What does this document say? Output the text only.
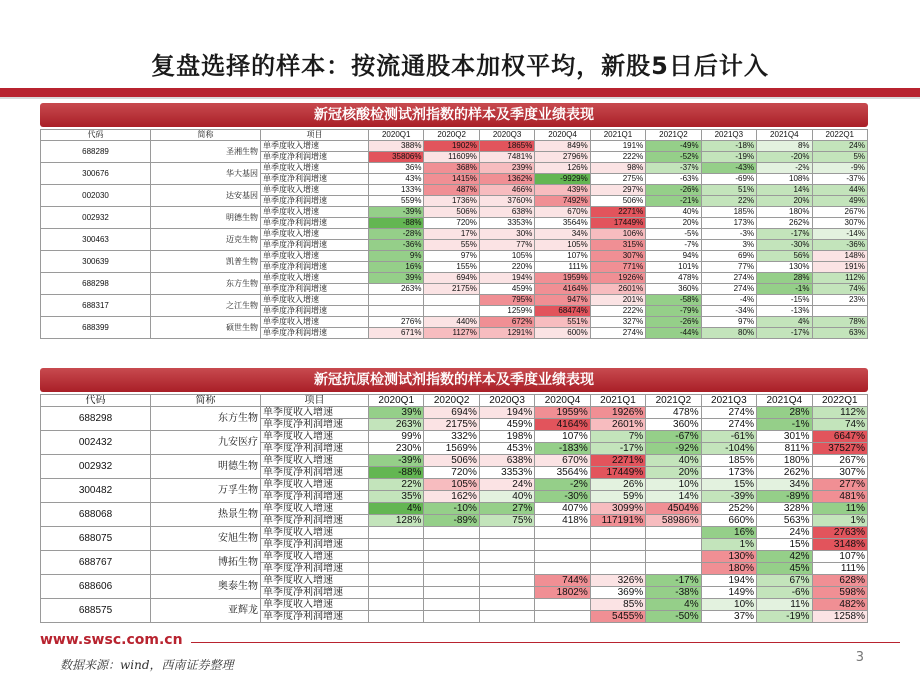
复盘选择的样本：按流通股本加权平均，新股5日后计入
新冠核酸检测试剂指数的样本及季度业绩表现
代码	简称	项目	2020Q1	2020Q2	2020Q3	2020Q4	2021Q1	2021Q2	2021Q3	2021Q4	2022Q1
688289	圣湘生物	单季度收入增速	388%	1902%	1865%	849%	191%	-49%	-18%	8%	24%
		单季度净利润增速	35806%	11609%	7481%	2796%	222%	-52%	-19%	-20%	5%
300676	华大基因	单季度收入增速	36%	368%	239%	126%	98%	-37%	-43%	-2%	-9%
		单季度净利润增速	43%	1415%	1362%	-9929%	275%	-63%	-69%	108%	-37%
002030	达安基因	单季度收入增速	133%	487%	466%	439%	297%	-26%	51%	14%	44%
		单季度净利润增速	559%	1736%	3760%	7492%	506%	-21%	22%	20%	49%
002932	明德生物	单季度收入增速	-39%	506%	638%	670%	2271%	40%	185%	180%	267%
		单季度净利润增速	-88%	720%	3353%	3564%	17449%	20%	173%	262%	307%
300463	迈克生物	单季度收入增速	-28%	17%	30%	34%	106%	-5%	-3%	-17%	-14%
		单季度净利润增速	-36%	55%	77%	105%	315%	-7%	3%	-30%	-36%
300639	凯普生物	单季度收入增速	9%	97%	105%	107%	307%	94%	69%	56%	148%
		单季度净利润增速	16%	155%	220%	111%	771%	101%	77%	130%	191%
688298	东方生物	单季度收入增速	39%	694%	194%	1959%	1926%	478%	274%	28%	112%
		单季度净利润增速	263%	2175%	459%	4164%	2601%	360%	274%	-1%	74%
688317	之江生物	单季度收入增速			795%	947%	201%	-58%	-4%	-15%	23%
		单季度净利润增速			1259%	68474%	222%	-79%	-34%	-13%	
688399	硕世生物	单季度收入增速	276%	440%	672%	551%	327%	-26%	97%	4%	78%
		单季度净利润增速	671%	1127%	1291%	600%	274%	-44%	80%	-17%	63%
新冠抗原检测试剂指数的样本及季度业绩表现
代码	简称	项目	2020Q1	2020Q2	2020Q3	2020Q4	2021Q1	2021Q2	2021Q3	2021Q4	2022Q1
688298	东方生物	单季度收入增速	39%	694%	194%	1959%	1926%	478%	274%	28%	112%
		单季度净利润增速	263%	2175%	459%	4164%	2601%	360%	274%	-1%	74%
002432	九安医疗	单季度收入增速	99%	332%	198%	107%	7%	-67%	-61%	301%	6647%
		单季度净利润增速	230%	1569%	453%	-183%	-17%	-92%	-104%	811%	37527%
002932	明德生物	单季度收入增速	-39%	506%	638%	670%	2271%	40%	185%	180%	267%
		单季度净利润增速	-88%	720%	3353%	3564%	17449%	20%	173%	262%	307%
300482	万孚生物	单季度收入增速	22%	105%	24%	-2%	26%	10%	15%	34%	277%
		单季度净利润增速	35%	162%	40%	-30%	59%	14%	-39%	-89%	481%
688068	热景生物	单季度收入增速	4%	-10%	27%	407%	3099%	4504%	252%	328%	11%
		单季度净利润增速	128%	-89%	75%	418%	117191%	58986%	660%	563%	1%
688075	安旭生物	单季度收入增速							16%	24%	2763%
		单季度净利润增速							1%	15%	3148%
688767	博拓生物	单季度收入增速							130%	42%	107%
		单季度净利润增速							180%	45%	111%
688606	奥泰生物	单季度收入增速				744%	326%	-17%	194%	67%	628%
		单季度净利润增速				1802%	369%	-38%	149%	-6%	598%
688575	亚辉龙	单季度收入增速					85%	4%	10%	11%	482%
		单季度净利润增速					5455%	-50%	37%	-19%	1258%
www.swsc.com.cn
数据来源：wind，西南证券整理	3
